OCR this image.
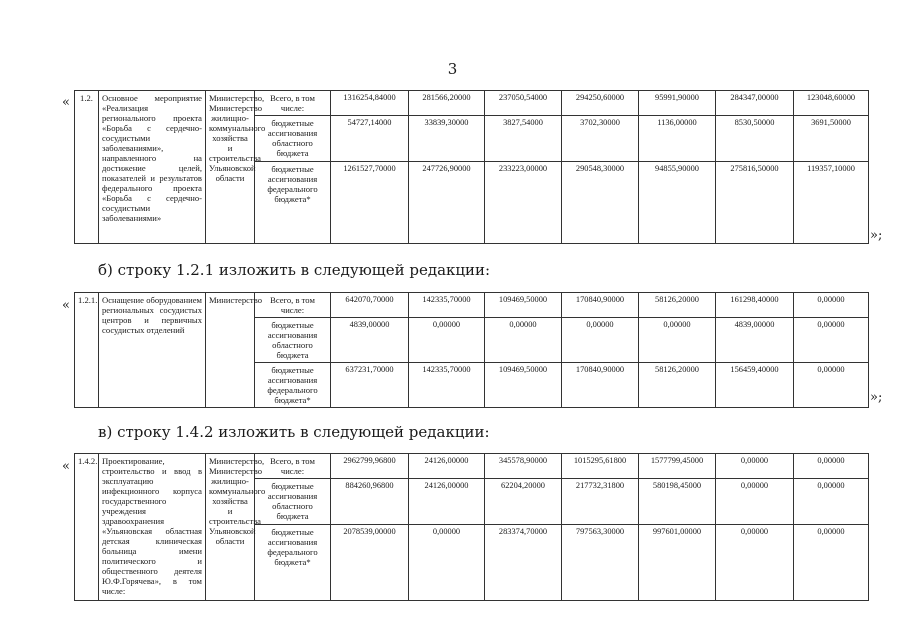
3
« 1.2.	Основное мероприятие «Реализация регионального проекта «Борьба с сердечно-сосудистыми заболеваниями», направленного на достижение целей, показателей и результатов федерального проекта «Борьба с сердечно-сосудистыми заболеваниями»	Министерство, Министерство жилищно-коммунального хозяйства и строительства Ульяновской области	Всего, в том числе:	1316254,84000	281566,20000	237050,54000	294250,60000	95991,90000	284347,00000	123048,60000
			бюджетные ассигнования областного бюджета	54727,14000	33839,30000	3827,54000	3702,30000	1136,00000	8530,50000	3691,50000
			бюджетные ассигнования федерального бюджета*	1261527,70000	247726,90000	233223,00000	290548,30000	94855,90000	275816,50000	119357,10000
»;
б) строку 1.2.1 изложить в следующей редакции:
« 1.2.1.	Оснащение оборудованием региональных сосудистых центров и первичных сосудистых отделений	Министерство	Всего, в том числе:	642070,70000	142335,70000	109469,50000	170840,90000	58126,20000	161298,40000	0,00000
			бюджетные ассигнования областного бюджета	4839,00000	0,00000	0,00000	0,00000	0,00000	4839,00000	0,00000
			бюджетные ассигнования федерального бюджета*	637231,70000	142335,70000	109469,50000	170840,90000	58126,20000	156459,40000	0,00000
»;
в) строку 1.4.2 изложить в следующей редакции:
« 1.4.2.	Проектирование, строительство и ввод в эксплуатацию инфекционного корпуса государственного учреждения здравоохранения «Ульяновская областная детская клиническая больница имени политического и общественного деятеля Ю.Ф.Горячева», в том числе:	Министерство, Министерство жилищно-коммунального хозяйства и строительства Ульяновской области	Всего, в том числе:	2962799,96800	24126,00000	345578,90000	1015295,61800	1577799,45000	0,00000	0,00000
			бюджетные ассигнования областного бюджета	884260,96800	24126,00000	62204,20000	217732,31800	580198,45000	0,00000	0,00000
			бюджетные ассигнования федерального бюджета*	2078539,00000	0,00000	283374,70000	797563,30000	997601,00000	0,00000	0,00000
